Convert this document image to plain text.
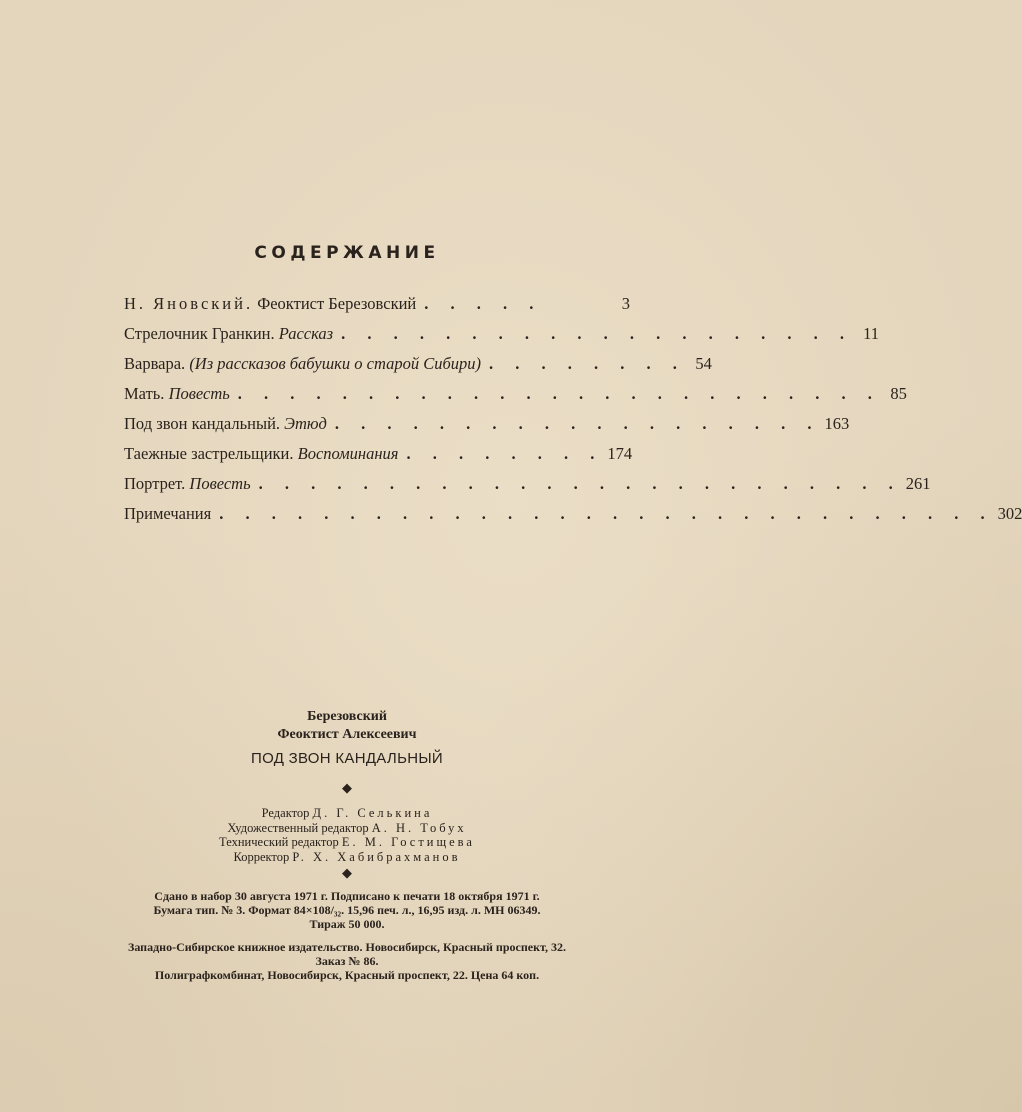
СОДЕРЖАНИЕ
Н. Яновский. Феоктист Березовский . . . . .	3
Стрелочник Гранкин. Рассказ . . . . . . . . . . . . . . . . . . . . 11
Варвара. (Из рассказов бабушки о старой Сибири) . . . . . . . . 54
Мать. Повесть . . . . . . . . . . . . . . . . . . . . . . . . . 85
Под звон кандальный. Этюд . . . . . . . . . . . . . . . . . . . 163
Таежные застрельщики. Воспоминания . . . . . . . . 174
Портрет. Повесть . . . . . . . . . . . . . . . . . . . . . . . . . 261
Примечания . . . . . . . . . . . . . . . . . . . . . . . . . . . . . . 302
Березовский
Феоктист Алексеевич
ПОД ЗВОН КАНДАЛЬНЫЙ
◆
Редактор Д. Г. Селькина
Художественный редактор А. Н. Тобух
Технический редактор Е. М. Гостищева
Корректор Р. Х. Хабибрахманов
◆
Сдано в набор 30 августа 1971 г. Подписано к печати 18 октября 1971 г.
Бумага тип. № 3. Формат 84×108/₃₂. 15,96 печ. л., 16,95 изд. л. МН 06349.
Тираж 50 000.
Западно-Сибирское книжное издательство. Новосибирск, Красный проспект, 32.
Заказ № 86.
Полиграфкомбинат, Новосибирск, Красный проспект, 22. Цена 64 коп.
